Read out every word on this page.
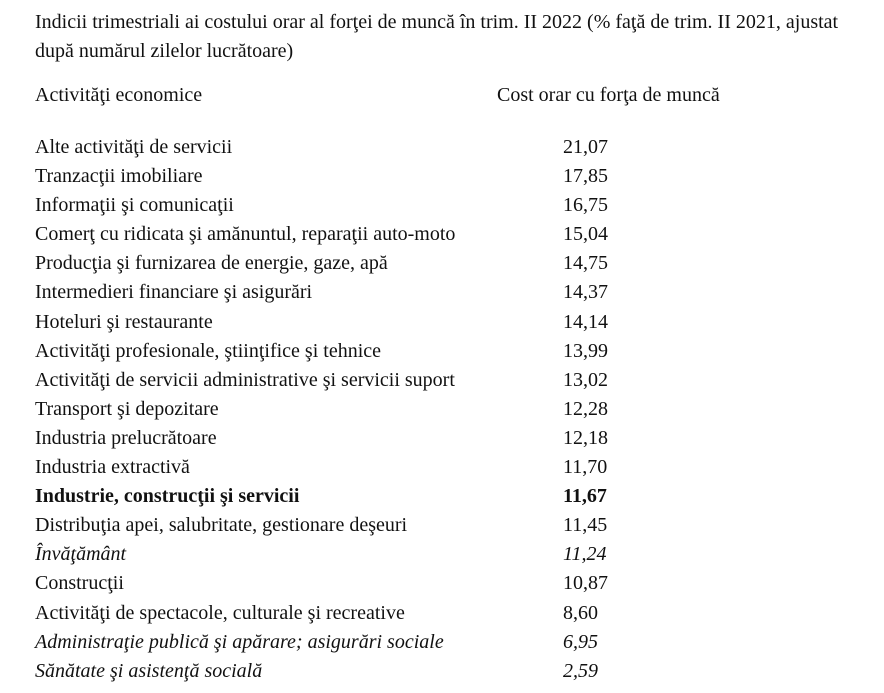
Indicii trimestriali ai costului orar al forţei de muncă în trim. II 2022 (% faţă de trim. II 2021, ajustat după numărul zilelor lucrătoare)

Activităţi economice	Cost orar cu forţa de muncă
Alte activităţi de servicii	21,07
Tranzacţii imobiliare	17,85
Informaţii şi comunicaţii	16,75
Comerţ cu ridicata şi amănuntul, reparaţii auto-moto	15,04
Producţia şi furnizarea de energie, gaze, apă	14,75
Intermedieri financiare şi asigurări	14,37
Hoteluri şi restaurante	14,14
Activităţi profesionale, ştiinţifice şi tehnice	13,99
Activităţi de servicii administrative şi servicii suport	13,02
Transport şi depozitare	12,28
Industria prelucrătoare	12,18
Industria extractivă	11,70
Industrie, construcţii şi servicii	11,67
Distribuţia apei, salubritate, gestionare deşeuri	11,45
Învăţământ	11,24
Construcţii	10,87
Activităţi de spectacole, culturale şi recreative	8,60
Administraţie publică şi apărare; asigurări sociale	6,95
Sănătate şi asistenţă socială	2,59
